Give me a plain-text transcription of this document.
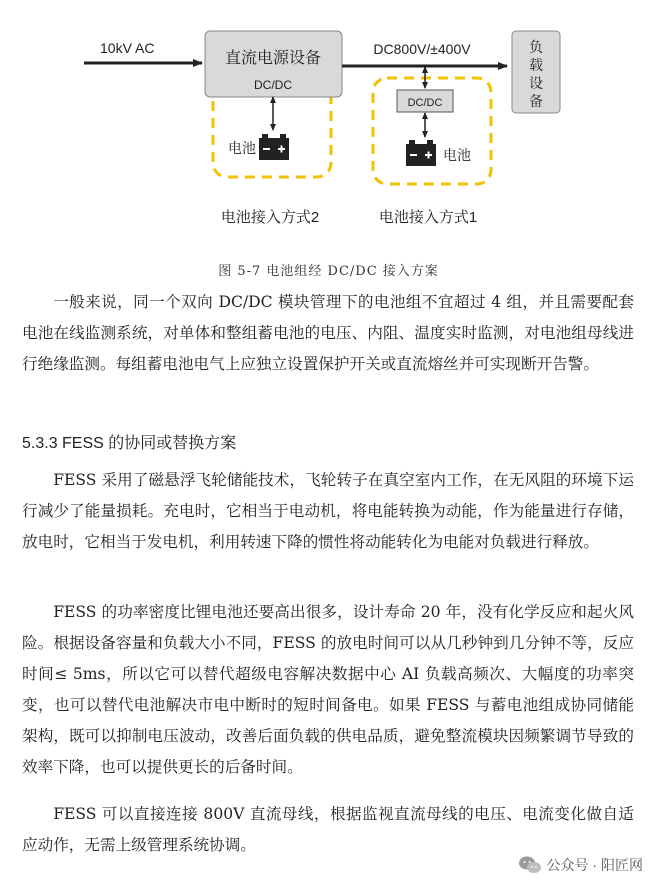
10kV AC
直流电源设备
DC/DC
电池
DC800V/±400V
DC/DC
电池
负载设备
电池接入方式2	电池接入方式1
图 5-7 电池组经 DC/DC 接入方案

一般来说，同一个双向 DC/DC 模块管理下的电池组不宜超过 4 组，并且需要配套电池在线监测系统，对单体和整组蓄电池的电压、内阻、温度实时监测，对电池组母线进行绝缘监测。每组蓄电池电气上应独立设置保护开关或直流熔丝并可实现断开告警。

5.3.3 FESS 的协同或替换方案

FESS 采用了磁悬浮飞轮储能技术，飞轮转子在真空室内工作，在无风阻的环境下运行减少了能量损耗。充电时，它相当于电动机，将电能转换为动能，作为能量进行存储，放电时，它相当于发电机，利用转速下降的惯性将动能转化为电能对负载进行释放。

FESS 的功率密度比锂电池还要高出很多，设计寿命 20 年，没有化学反应和起火风险。根据设备容量和负载大小不同，FESS 的放电时间可以从几秒钟到几分钟不等，反应时间≤ 5ms，所以它可以替代超级电容解决数据中心 AI 负载高频次、大幅度的功率突变，也可以替代电池解决市电中断时的短时间备电。如果 FESS 与蓄电池组成协同储能架构，既可以抑制电压波动，改善后面负载的供电品质，避免整流模块因频繁调节导致的效率下降，也可以提供更长的后备时间。

FESS 可以直接连接 800V 直流母线，根据监视直流母线的电压、电流变化做自适应动作，无需上级管理系统协调。

公众号 · 阳匠网
